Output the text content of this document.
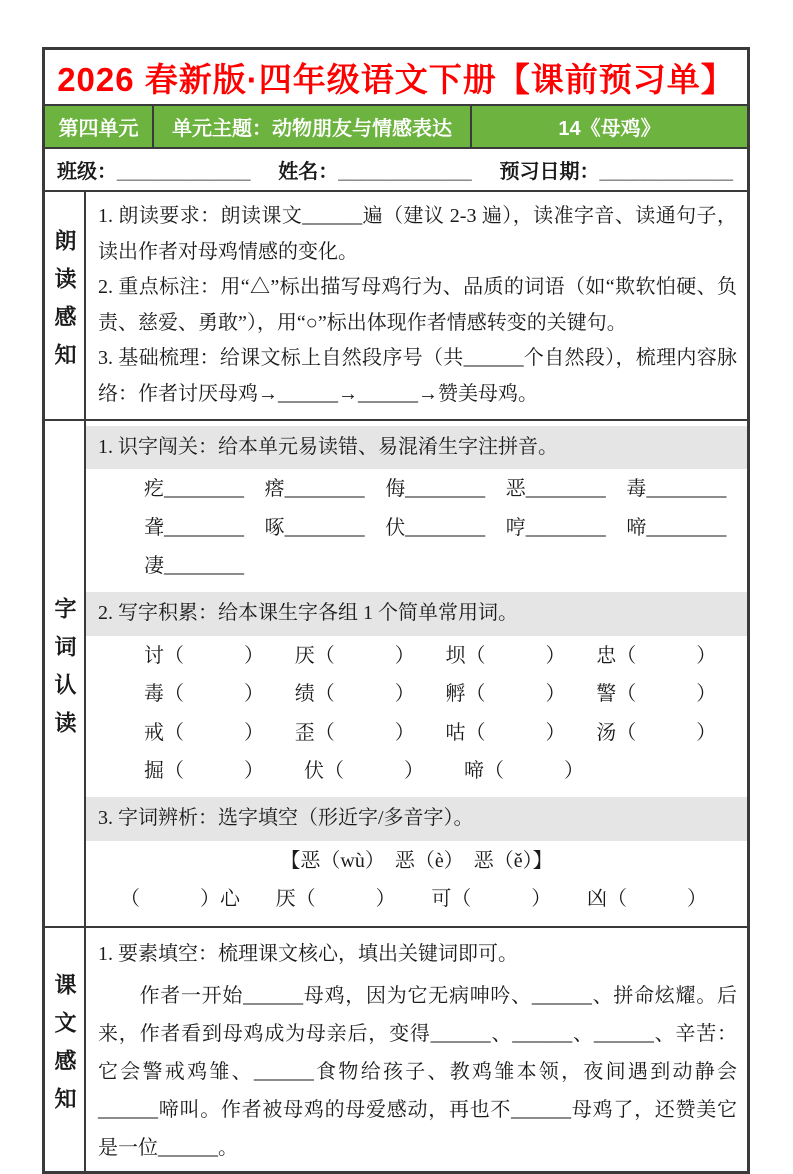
2026 春新版·四年级语文下册【课前预习单】
第四单元	单元主题：动物朋友与情感表达	14《母鸡》
班级：____________ 姓名：____________ 预习日期：____________
朗读感知

1. 朗读要求：朗读课文______遍（建议 2-3 遍），读准字音、读通句子，读出作者对母鸡情感的变化。

2. 重点标注：用“△”标出描写母鸡行为、品质的词语（如“欺软怕硬、负责、慈爱、勇敢”），用“○”标出体现作者情感转变的关键句。

3. 基础梳理：给课文标上自然段序号（共______个自然段），梳理内容脉络：作者讨厌母鸡→______→______→赞美母鸡。

字词认读
1. 识字闯关：给本单元易读错、易混淆生字注拼音。
疙________	瘩________	侮________	恶________	毒________
聋________	啄________	伏________	哼________	啼________
凄________
2. 写字积累：给本课生字各组 1 个简单常用词。
讨（　　　）	厌（　　　）	坝（　　　）	忠（　　　）
毒（　　　）	绩（　　　）	孵（　　　）	警（　　　）
戒（　　　）	歪（　　　）	咕（　　　）	汤（　　　）
掘（　　　）	伏（　　　）	啼（　　　）
3. 字词辨析：选字填空（形近字/多音字）。
【恶（wù）　恶（è）　恶（ě）】
（　　　）心 厌（　　　） 可（　　　） 凶（　　　）
课文感知

1. 要素填空：梳理课文核心，填出关键词即可。

　　作者一开始______母鸡，因为它无病呻吟、______、拼命炫耀。后来，作者看到母鸡成为母亲后，变得______、______、______、辛苦：它会警戒鸡雏、______食物给孩子、教鸡雏本领，夜间遇到动静会______啼叫。作者被母鸡的母爱感动，再也不______母鸡了，还赞美它是一位______。
